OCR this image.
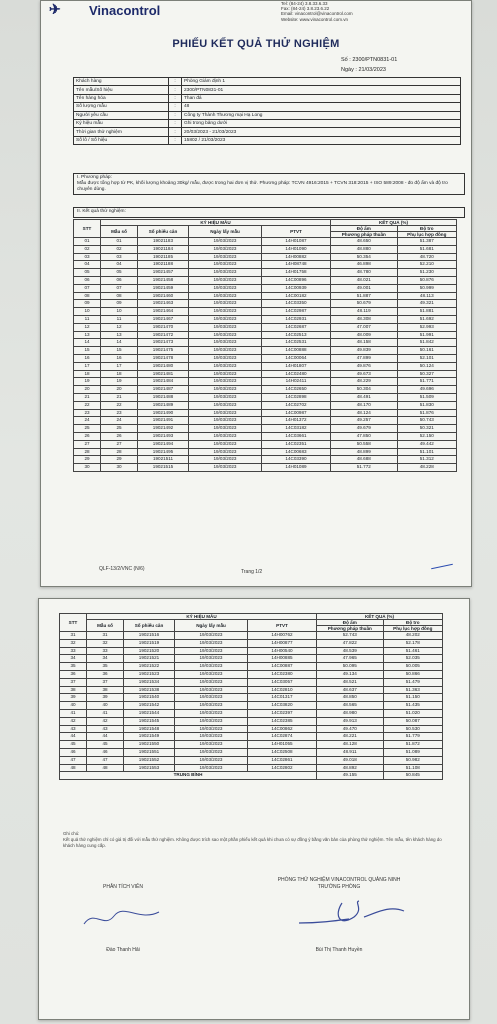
✈	Vinacontrol	Tel: (84-24) 3.8.33.6.33
Fax: (84-24) 3.8.23.6.22
Email: vinacontrol@vinacontrol.com
Website: www.vinacontrol.com.vn
PHIẾU KẾT QUẢ THỬ NGHIỆM
Số : 2300/PTN0831-01
Ngày : 21/03/2023
Khách hàng	:	Phòng Giám định 1
Tên mẫu/Số hiệu	:	2300/PTN0831-01
Tên hàng hóa	:	Than đá
Số lượng mẫu	:	48
Người yêu cầu	:	Công ty Thành Thương mại Hạ Long
Ký hiệu mẫu	:	Ghi trong bảng dưới
Thời gian thử nghiệm	:	20/03/2023 - 21/03/2023
Số lô / Số hiệu	:	15802 / 21/03/2023
I. Phương pháp:
Mẫu được tổng hợp từ PK, khối lượng khoảng 30kg/ mẫu, được trong hai đơn vị thử. Phương pháp: TCVN 4916:2015 + TCVN 318:2015 + ISO 589:2008 - đo độ ẩm và độ tro chuyên dùng.
II. Kết quả thử nghiệm:
STT	KÝ HIỆU MẪU				KẾT QUẢ (%)	
	Mẫu số	Số phiếu cân	Ngày lấy mẫu	PTVT	Độ ẩm	Độ tro
					Phương pháp thuần	Phụ lục hợp đồng
01	01	19021183	19/03/2023	14H01087	48.650	51.387
02	02	19021184	19/03/2023	14H01090	48.880	51.681
03	03	19021185	19/03/2023	14H00882	50.354	48.720
04	04	19021188	19/03/2023	14H08748	46.898	52.210
05	05	19021457	19/03/2023	14H01758	48.780	51.230
06	06	19021458	19/03/2023	14C00896	48.021	50.876
07	07	19021459	19/03/2023	14C00939	49.001	50.999
08	08	19021460	19/03/2023	14C00182	51.887	48.113
09	09	19021463	19/03/2023	14C03350	50.679	49.321
10	10	19021464	19/03/2023	14C02987	48.119	51.881
11	11	19021467	19/03/2023	14C02931	48.308	51.692
12	12	19021470	19/03/2023	14C02687	47.007	52.993
13	13	19021472	19/03/2023	14C02513	48.009	51.991
14	14	19021473	19/03/2023	14C02531	48.158	51.842
15	15	19021475	19/03/2023	14C00888	49.839	50.161
16	16	19021478	19/03/2023	14C00064	47.899	52.101
17	17	19021480	19/03/2023	14H01807	49.876	50.124
18	18	19021481	19/03/2023	14C02480	49.673	50.327
19	19	19021484	19/03/2023	14H02411	48.229	51.771
20	20	19021487	19/03/2023	14C02650	50.304	49.696
21	21	19021488	19/03/2023	14C02898	48.491	51.509
22	22	19021489	19/03/2023	14C02702	48.170	51.830
23	23	19021490	19/03/2023	14C00987	48.124	51.876
24	24	19021491	19/03/2023	14H01372	49.257	50.743
25	25	19021492	19/03/2023	14C03182	49.679	50.321
26	26	19021493	19/03/2023	14C03661	47.850	52.150
27	27	19021494	19/03/2023	14C02351	50.558	49.442
28	28	19021495	19/03/2023	14C00683	48.899	51.101
29	29	19021511	19/03/2023	14C03390	48.688	51.312
30	30	19021515	19/03/2023	14H01089	51.772	48.228
QLF-13/2/VNC (N/6)	Trang 1/2
STT	KÝ HIỆU MẪU				KẾT QUẢ (%)	
	Mẫu số	Số phiếu cân	Ngày lấy mẫu	PTVT	Độ ẩm	Độ tro
					Phương pháp thuần	Phụ lục hợp đồng
31	31	19021516	19/03/2023	14H00762	52.743	48.202
32	32	19021519	19/03/2023	14H00877	47.822	52.178
33	33	19021520	19/03/2023	14H00540	48.539	51.461
34	34	19021521	19/03/2023	14H00885	47.965	52.035
35	35	19021522	19/03/2023	14C00887	50.095	50.005
36	36	19021523	19/03/2023	14C02380	49.134	50.866
37	37	19021534	19/03/2023	14C03057	48.521	51.479
38	38	19021538	19/03/2023	14C02810	48.637	51.363
39	39	19021540	19/03/2023	14C01317	48.850	51.150
40	40	19021542	19/03/2023	14C03820	48.565	51.435
41	41	19021544	19/03/2023	14C02397	48.980	51.020
42	42	19021545	19/03/2023	14C02385	49.913	50.087
43	43	19021548	19/03/2023	14C00862	49.470	50.530
44	44	19021549	19/03/2023	14C02874	48.221	51.779
45	45	19021550	19/03/2023	14H01055	48.128	51.872
46	46	19021551	19/03/2023	14C02508	48.911	51.089
47	47	19021552	19/03/2023	14C02861	49.018	50.982
48	48	19021553	19/03/2023	14C02802	48.892	51.108
TRUNG BÌNH					49.155	50.845
Ghi chú:
Kết quả thử nghiệm chỉ có giá trị đối với mẫu thử nghiệm. Không được trích sao một phần phiếu kết quả khi chưa có sự đồng ý bằng văn bản của phòng thử nghiệm. Tên mẫu, tên khách hàng do khách hàng cung cấp.
PHÂN TÍCH VIÊN
PHÒNG THỬ NGHIỆM VINACONTROL QUẢNG NINH
TRƯỞNG PHÒNG
Đào Thanh Hải	Bùi Thị Thanh Huyền
